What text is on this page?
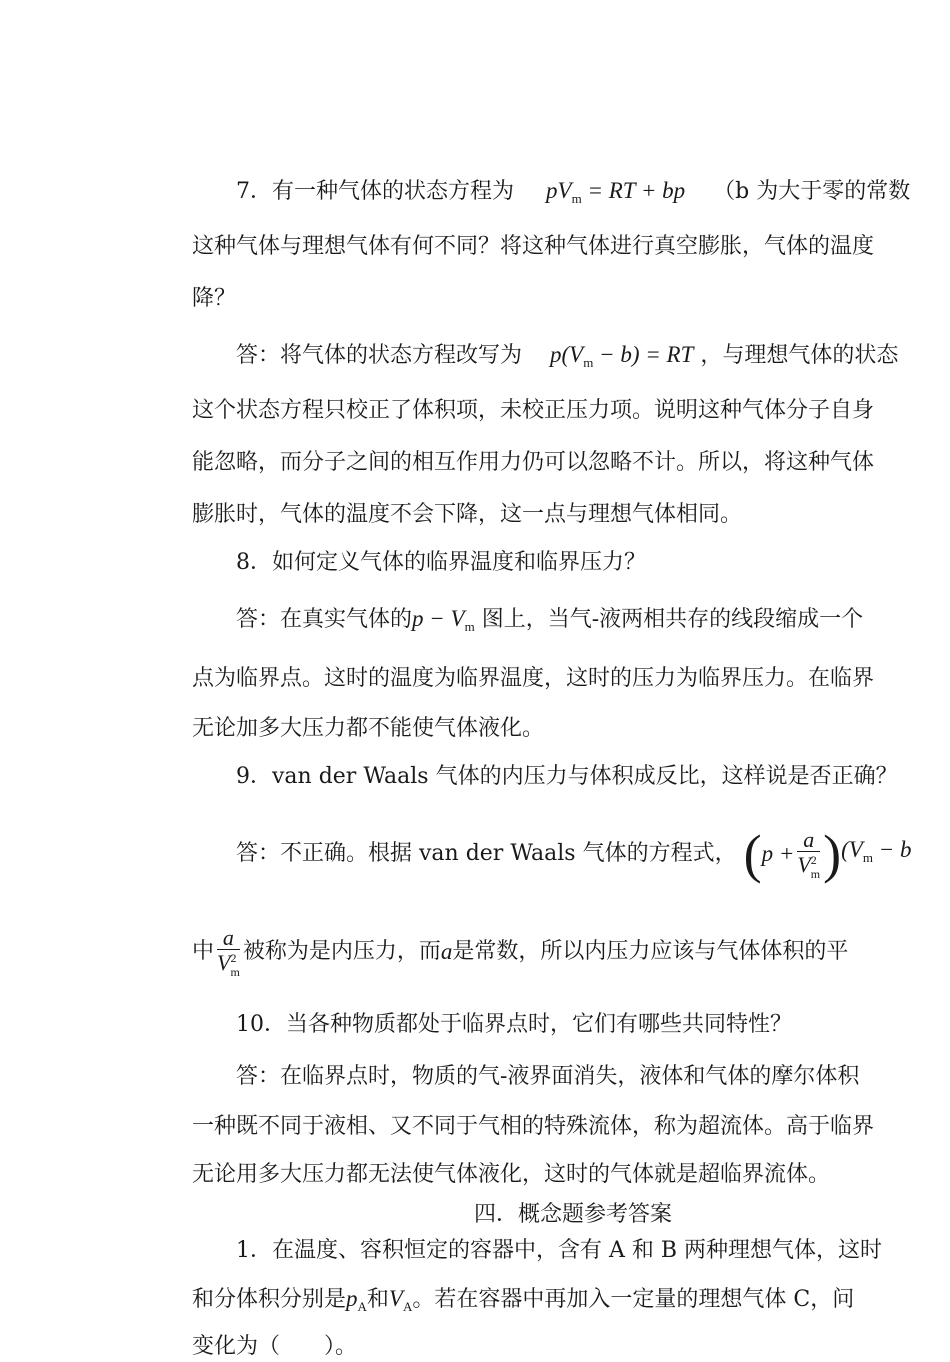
7．有一种气体的状态方程为 $pV_m$ = RT + bp （b 为大于零的常数
这种气体与理想气体有何不同？将这种气体进行真空膨胀，气体的温度
降？
答：将气体的状态方程改写为 $p(V_m - b)$ = RT ，与理想气体的状态
这个状态方程只校正了体积项，未校正压力项。说明这种气体分子自身
能忽略，而分子之间的相互作用力仍可以忽略不计。所以，将这种气体
膨胀时，气体的温度不会下降，这一点与理想气体相同。
8．如何定义气体的临界温度和临界压力？
答：在真实气体的$p - V_m$ 图上，当气-液两相共存的线段缩成一个
点为临界点。这时的温度为临界温度，这时的压力为临界压力。在临界
无论加多大压力都不能使气体液化。
9．van der Waals 气体的内压力与体积成反比，这样说是否正确？
答：不正确。根据 van der Waals 气体的方程式， $(p + \frac{a}{V^2_m} )(V_m - b$
中 $\frac{a}{V^2_m}$ 被称为是内压力，而a是常数，所以内压力应该与气体体积的平
10．当各种物质都处于临界点时，它们有哪些共同特性？
答：在临界点时，物质的气-液界面消失，液体和气体的摩尔体积
一种既不同于液相、又不同于气相的特殊流体，称为超流体。高于临界
无论用多大压力都无法使气体液化，这时的气体就是超临界流体。
四．概念题参考答案
1．在温度、容积恒定的容器中，含有 A 和 B 两种理想气体，这时
和分体积分别是$p_A$和$V_A$。若在容器中再加入一定量的理想气体 C，问
变化为（　　）。
